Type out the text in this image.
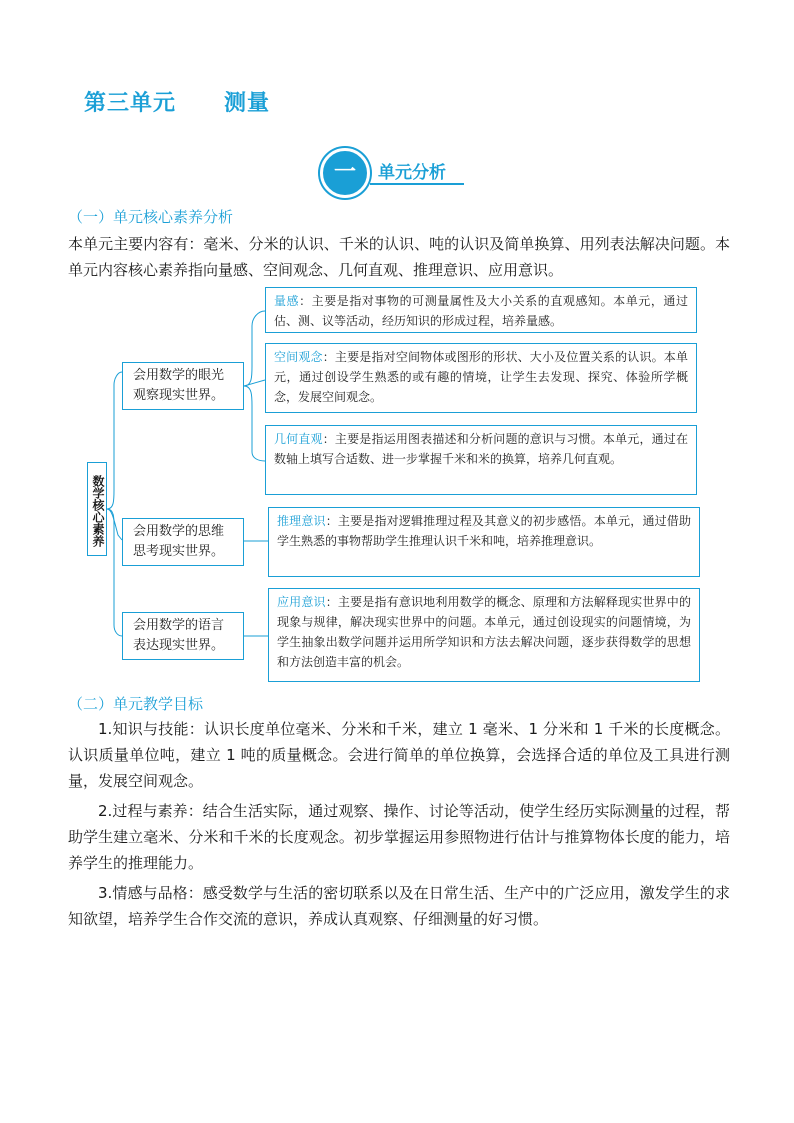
第三单元 测量
一	单元分析
（一）单元核心素养分析
本单元主要内容有：毫米、分米的认识、千米的认识、吨的认识及简单换算、用列表法解决问题。本单元内容核心素养指向量感、空间观念、几何直观、推理意识、应用意识。
数学核心素养
会用数学的眼光观察现实世界。
会用数学的思维思考现实世界。
会用数学的语言表达现实世界。
量感：主要是指对事物的可测量属性及大小关系的直观感知。本单元，通过估、测、议等活动，经历知识的形成过程，培养量感。
空间观念：主要是指对空间物体或图形的形状、大小及位置关系的认识。本单元，通过创设学生熟悉的或有趣的情境，让学生去发现、探究、体验所学概念，发展空间观念。
几何直观：主要是指运用图表描述和分析问题的意识与习惯。本单元，通过在数轴上填写合适数、进一步掌握千米和米的换算，培养几何直观。
推理意识：主要是指对逻辑推理过程及其意义的初步感悟。本单元，通过借助学生熟悉的事物帮助学生推理认识千米和吨，培养推理意识。
应用意识：主要是指有意识地利用数学的概念、原理和方法解释现实世界中的现象与规律，解决现实世界中的问题。本单元，通过创设现实的问题情境，为学生抽象出数学问题并运用所学知识和方法去解决问题，逐步获得数学的思想和方法创造丰富的机会。
（二）单元教学目标
1.知识与技能：认识长度单位毫米、分米和千米，建立 1 毫米、1 分米和 1 千米的长度概念。认识质量单位吨，建立 1 吨的质量概念。会进行简单的单位换算，会选择合适的单位及工具进行测量，发展空间观念。
2.过程与素养：结合生活实际，通过观察、操作、讨论等活动，使学生经历实际测量的过程，帮助学生建立毫米、分米和千米的长度观念。初步掌握运用参照物进行估计与推算物体长度的能力，培养学生的推理能力。
3.情感与品格：感受数学与生活的密切联系以及在日常生活、生产中的广泛应用，激发学生的求知欲望，培养学生合作交流的意识，养成认真观察、仔细测量的好习惯。
